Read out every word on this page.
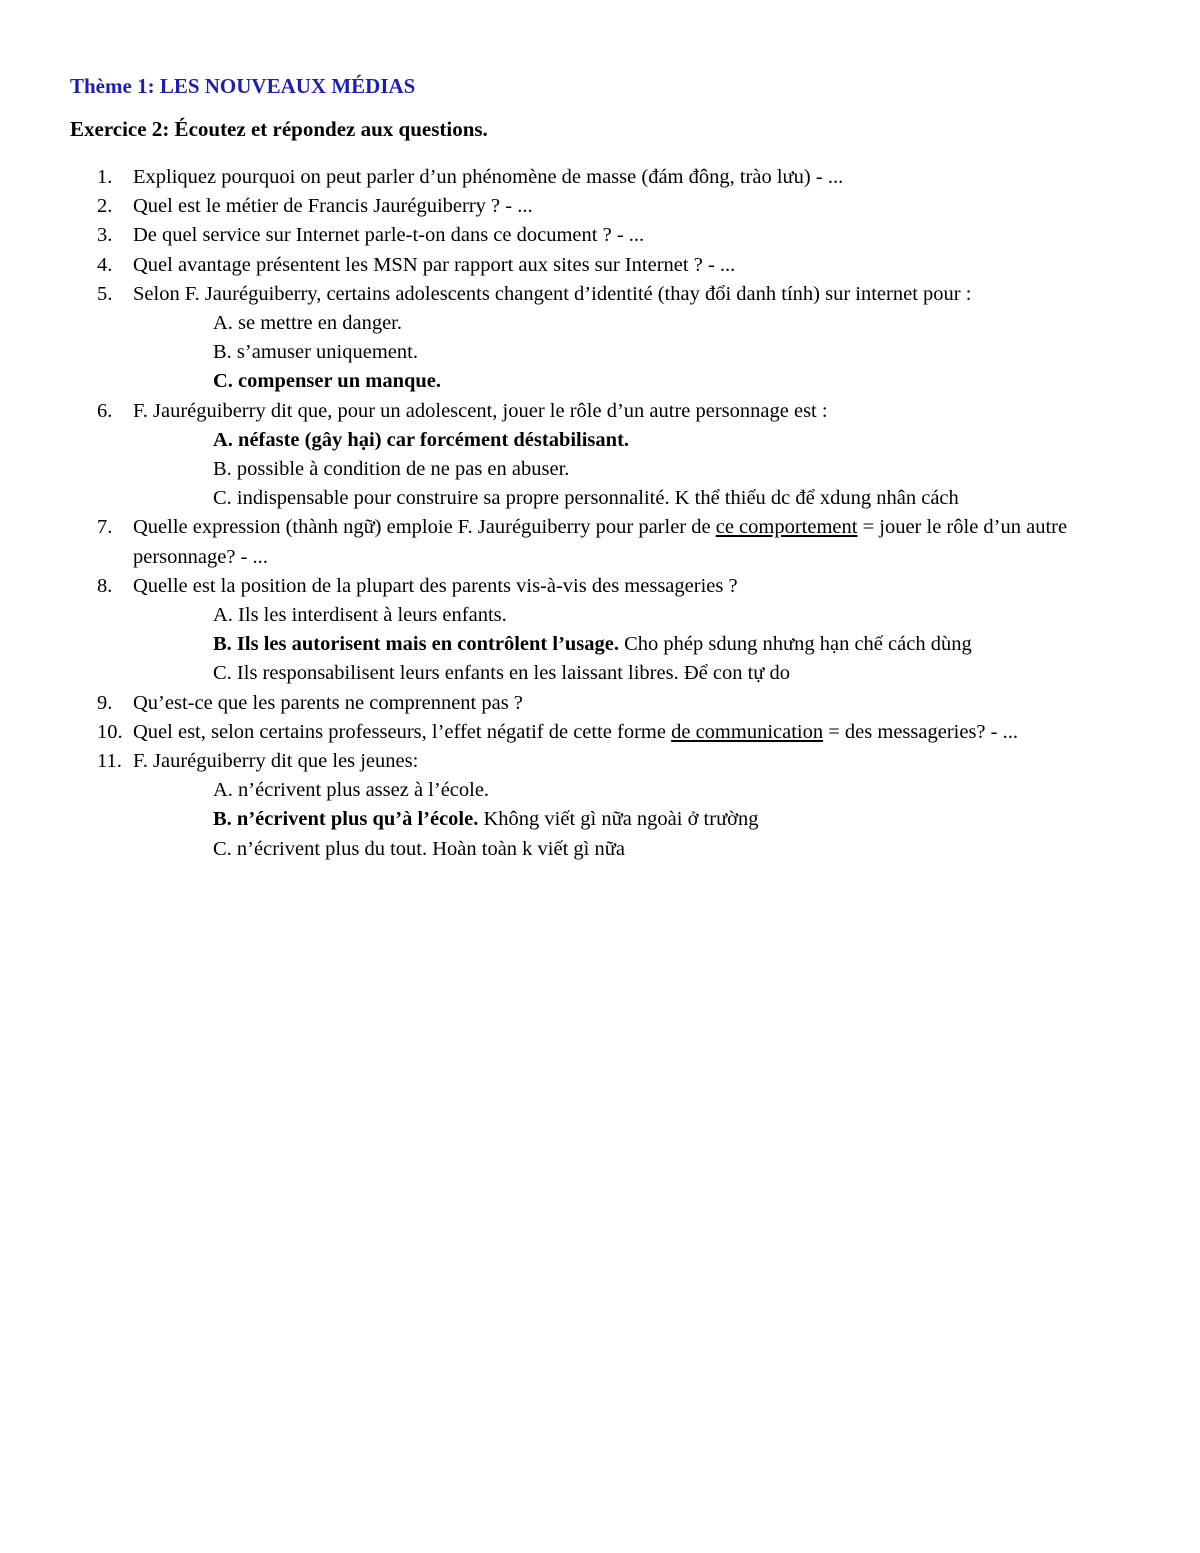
Thème 1: LES NOUVEAUX MÉDIAS
Exercice 2: Écoutez et répondez aux questions.
1. Expliquez pourquoi on peut parler d’un phénomène de masse (đám đông, trào lưu) - ...
2. Quel est le métier de Francis Jauréguiberry ? - ...
3. De quel service sur Internet parle-t-on dans ce document ? - ...
4. Quel avantage présentent les MSN par rapport aux sites sur Internet ? - ...
5. Selon F. Jauréguiberry, certains adolescents changent d’identité (thay đổi danh tính) sur internet pour :
A. se mettre en danger.
B. s’amuser uniquement.
C. compenser un manque.
6. F. Jauréguiberry dit que, pour un adolescent, jouer le rôle d’un autre personnage est :
A. néfaste (gây hại) car forcément déstabilisant.
B. possible à condition de ne pas en abuser.
C. indispensable pour construire sa propre personnalité. K thể thiếu dc để xdung nhân cách
7. Quelle expression (thành ngữ) emploie F. Jauréguiberry pour parler de ce comportement = jouer le rôle d’un autre personnage? - ...
8. Quelle est la position de la plupart des parents vis-à-vis des messageries ?
A. Ils les interdisent à leurs enfants.
B. Ils les autorisent mais en contrôlent l’usage. Cho phép sdung nhưng hạn chế cách dùng
C. Ils responsabilisent leurs enfants en les laissant libres. Để con tự do
9. Qu’est-ce que les parents ne comprennent pas ?
10. Quel est, selon certains professeurs, l’effet négatif de cette forme de communication = des messageries? - ...
11. F. Jauréguiberry dit que les jeunes:
A. n’écrivent plus assez à l’école.
B. n’écrivent plus qu’à l’école. Không viết gì nữa ngoài ở trường
C. n’écrivent plus du tout. Hoàn toàn k viết gì nữa
